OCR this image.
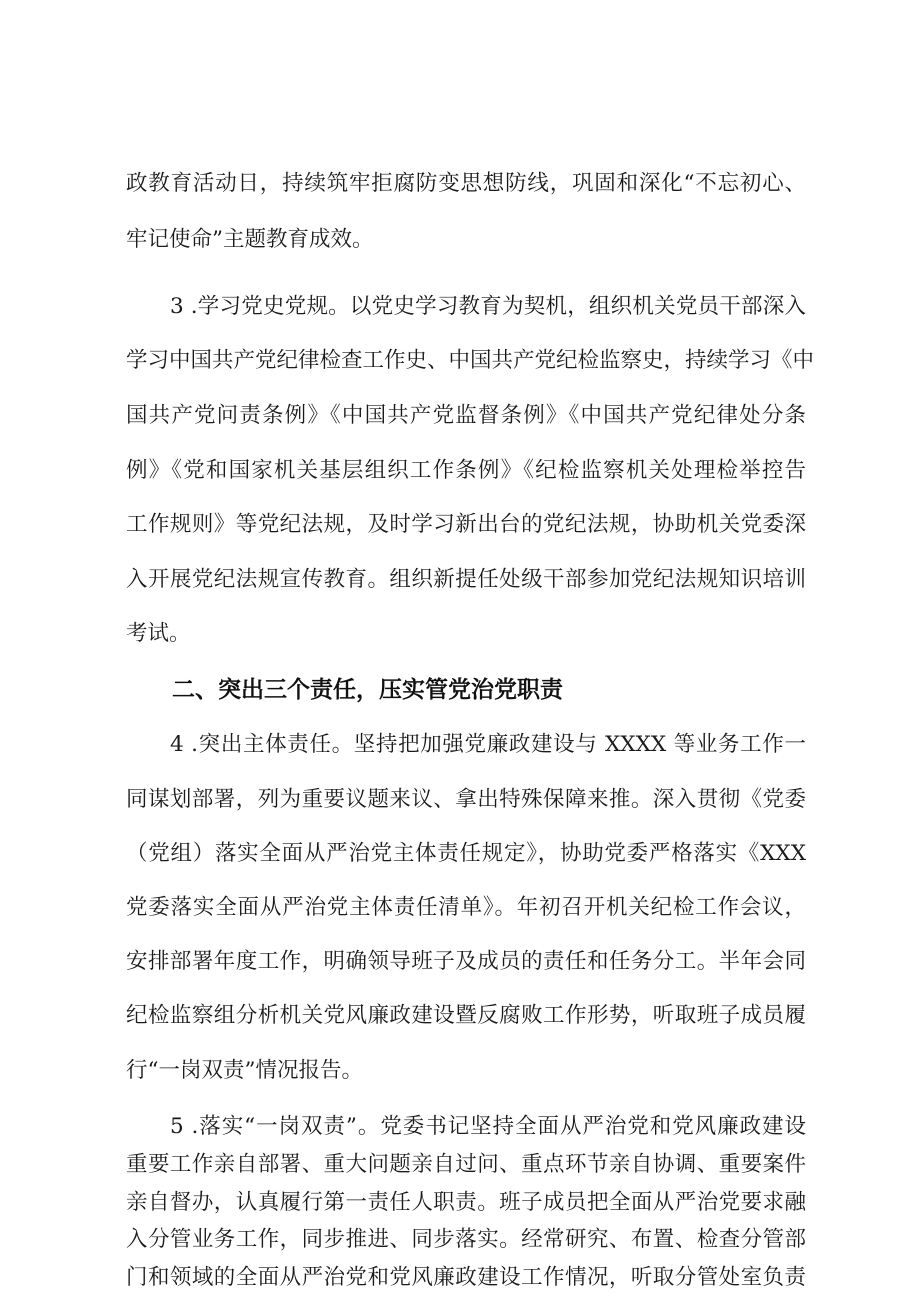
政教育活动日，持续筑牢拒腐防变思想防线，巩固和深化“不忘初心、
牢记使命”主题教育成效。
3 .学习党史党规。以党史学习教育为契机，组织机关党员干部深入
学习中国共产党纪律检查工作史、中国共产党纪检监察史，持续学习《中
国共产党问责条例》《中国共产党监督条例》《中国共产党纪律处分条
例》《党和国家机关基层组织工作条例》《纪检监察机关处理检举控告
工作规则》等党纪法规，及时学习新出台的党纪法规，协助机关党委深
入开展党纪法规宣传教育。组织新提任处级干部参加党纪法规知识培训
考试。
二、突出三个责任，压实管党治党职责
4 .突出主体责任。坚持把加强党廉政建设与 XXXX 等业务工作一
同谋划部署，列为重要议题来议、拿出特殊保障来推。深入贯彻《党委
（党组）落实全面从严治党主体责任规定》，协助党委严格落实《XXX
党委落实全面从严治党主体责任清单》。年初召开机关纪检工作会议，
安排部署年度工作，明确领导班子及成员的责任和任务分工。半年会同
纪检监察组分析机关党风廉政建设暨反腐败工作形势，听取班子成员履
行“一岗双责”情况报告。
5 .落实“一岗双责”。党委书记坚持全面从严治党和党风廉政建设
重要工作亲自部署、重大问题亲自过问、重点环节亲自协调、重要案件
亲自督办，认真履行第一责任人职责。班子成员把全面从严治党要求融
入分管业务工作，同步推进、同步落实。经常研究、布置、检查分管部
门和领域的全面从严治党和党风廉政建设工作情况，听取分管处室负责
